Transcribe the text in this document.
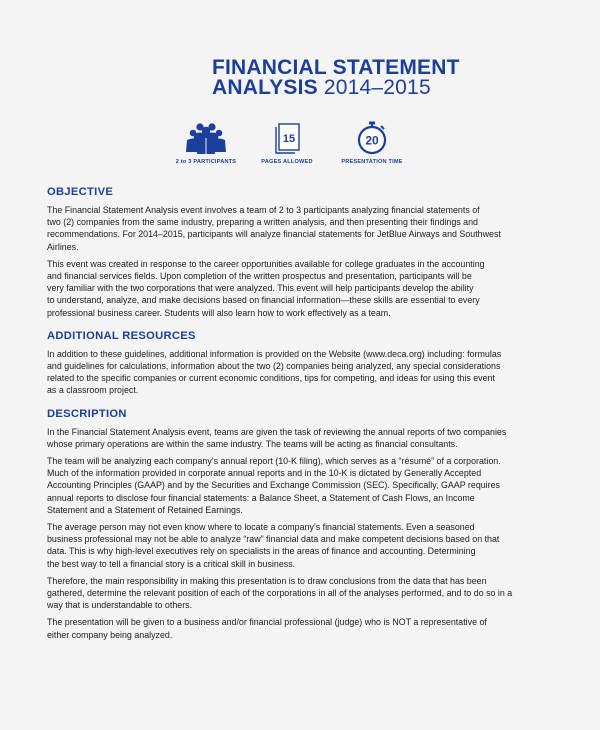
FINANCIAL STATEMENT
ANALYSIS 2014–2015
2 to 3 PARTICIPANTS
15
PAGES ALLOWED
20
PRESENTATION TIME
OBJECTIVE

The Financial Statement Analysis event involves a team of 2 to 3 participants analyzing financial statements of
two (2) companies from the same industry, preparing a written analysis, and then presenting their findings and
recommendations. For 2014–2015, participants will analyze financial statements for JetBlue Airways and Southwest
Airlines.

This event was created in response to the career opportunities available for college graduates in the accounting
and financial services fields. Upon completion of the written prospectus and presentation, participants will be
very familiar with the two corporations that were analyzed. This event will help participants develop the ability
to understand, analyze, and make decisions based on financial information—these skills are essential to every
professional business career. Students will also learn how to work effectively as a team.

ADDITIONAL RESOURCES

In addition to these guidelines, additional information is provided on the Website (www.deca.org) including: formulas
and guidelines for calculations, information about the two (2) companies being analyzed, any special considerations
related to the specific companies or current economic conditions, tips for competing, and ideas for using this event
as a classroom project.

DESCRIPTION

In the Financial Statement Analysis event, teams are given the task of reviewing the annual reports of two companies
whose primary operations are within the same industry. The teams will be acting as financial consultants.

The team will be analyzing each company’s annual report (10-K filing), which serves as a “résumé” of a corporation.
Much of the information provided in corporate annual reports and in the 10-K is dictated by Generally Accepted
Accounting Principles (GAAP) and by the Securities and Exchange Commission (SEC). Specifically, GAAP requires
annual reports to disclose four financial statements: a Balance Sheet, a Statement of Cash Flows, an Income
Statement and a Statement of Retained Earnings.

The average person may not even know where to locate a company’s financial statements. Even a seasoned
business professional may not be able to analyze “raw” financial data and make competent decisions based on that
data. This is why high-level executives rely on specialists in the areas of finance and accounting. Determining
the best way to tell a financial story is a critical skill in business.

Therefore, the main responsibility in making this presentation is to draw conclusions from the data that has been
gathered, determine the relevant position of each of the corporations in all of the analyses performed, and to do so in a
way that is understandable to others.

The presentation will be given to a business and/or financial professional (judge) who is NOT a representative of
either company being analyzed.
